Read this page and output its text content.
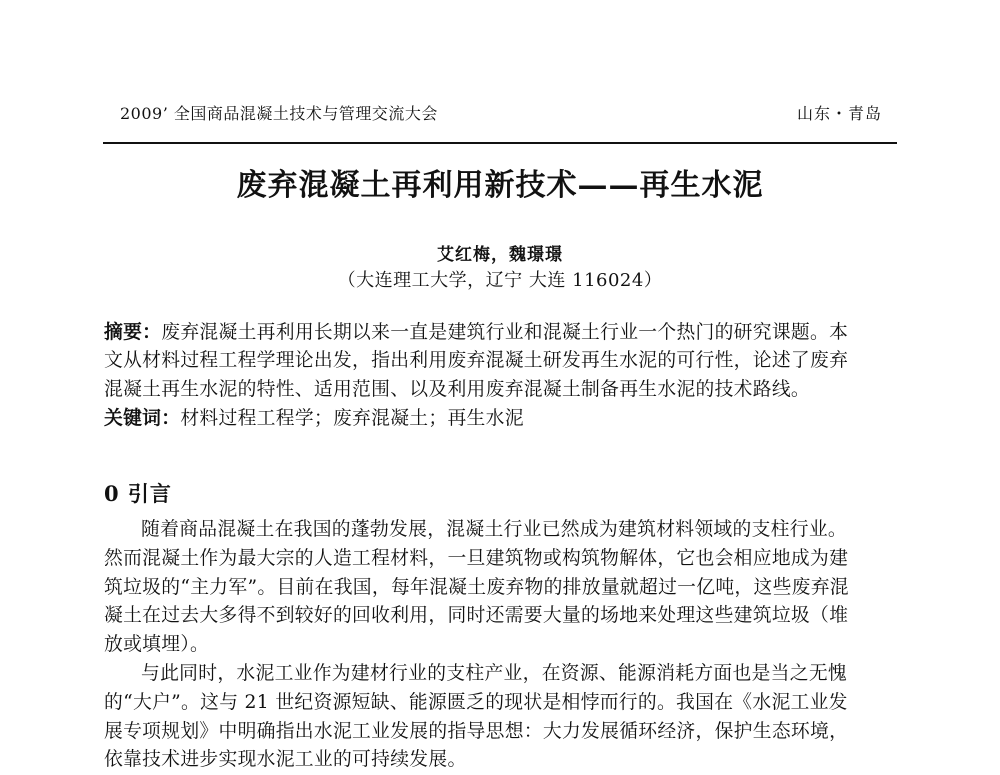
2009’ 全国商品混凝土技术与管理交流大会	山东・青岛
废弃混凝土再利用新技术——再生水泥
艾红梅，魏璟璟
（大连理工大学，辽宁 大连 116024）
摘要：废弃混凝土再利用长期以来一直是建筑行业和混凝土行业一个热门的研究课题。本
文从材料过程工程学理论出发，指出利用废弃混凝土研发再生水泥的可行性，论述了废弃
混凝土再生水泥的特性、适用范围、以及利用废弃混凝土制备再生水泥的技术路线。
关键词：材料过程工程学；废弃混凝土；再生水泥
0 引言
随着商品混凝土在我国的蓬勃发展，混凝土行业已然成为建筑材料领域的支柱行业。
然而混凝土作为最大宗的人造工程材料，一旦建筑物或构筑物解体，它也会相应地成为建
筑垃圾的“主力军”。目前在我国，每年混凝土废弃物的排放量就超过一亿吨，这些废弃混
凝土在过去大多得不到较好的回收利用，同时还需要大量的场地来处理这些建筑垃圾（堆
放或填埋）。
与此同时，水泥工业作为建材行业的支柱产业，在资源、能源消耗方面也是当之无愧
的“大户”。这与 21 世纪资源短缺、能源匮乏的现状是相悖而行的。我国在《水泥工业发
展专项规划》中明确指出水泥工业发展的指导思想：大力发展循环经济，保护生态环境，
依靠技术进步实现水泥工业的可持续发展。
